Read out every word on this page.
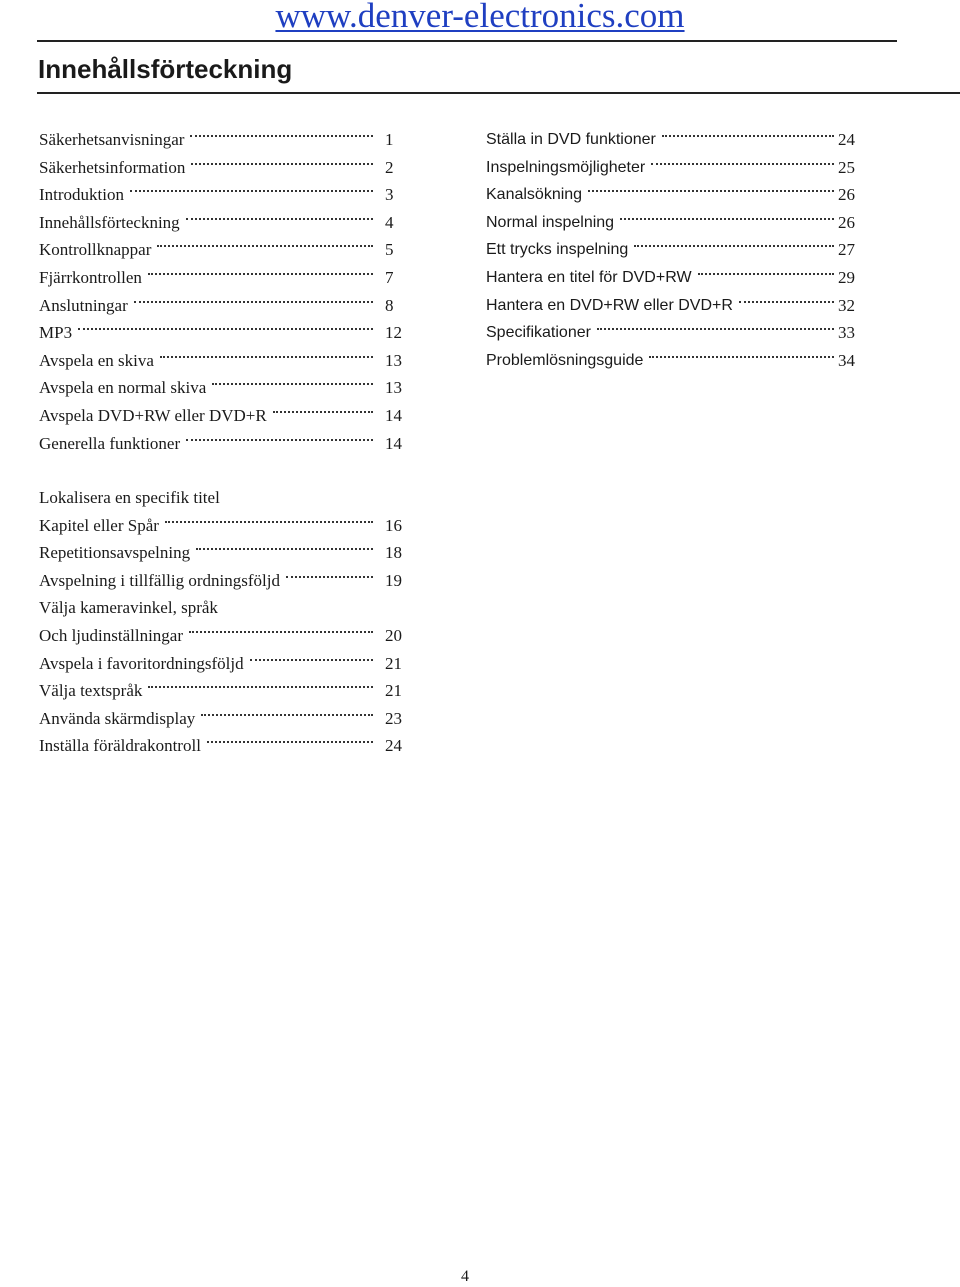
www.denver-electronics.com
Innehållsförteckning
Säkerhetsanvisningar	1
Säkerhetsinformation	2
Introduktion	3
Innehållsförteckning	4
Kontrollknappar	5
Fjärrkontrollen	7
Anslutningar	8
MP3	12
Avspela en skiva	13
Avspela en normal skiva	13
Avspela DVD+RW eller DVD+R	14
Generella funktioner	14
Ställa in DVD funktioner	24
Inspelningsmöjligheter	25
Kanalsökning	26
Normal inspelning	26
Ett trycks inspelning	27
Hantera en titel för DVD+RW	29
Hantera en DVD+RW eller DVD+R	32
Specifikationer	33
Problemlösningsguide	34
Lokalisera en specifik titel
Kapitel eller Spår	16
Repetitionsavspelning	18
Avspelning i tillfällig ordningsföljd	19
Välja kameravinkel, språk
Och ljudinställningar	20
Avspela i favoritordningsföljd	21
Välja textspråk	21
Använda skärmdisplay	23
Inställa föräldrakontroll	24
4
